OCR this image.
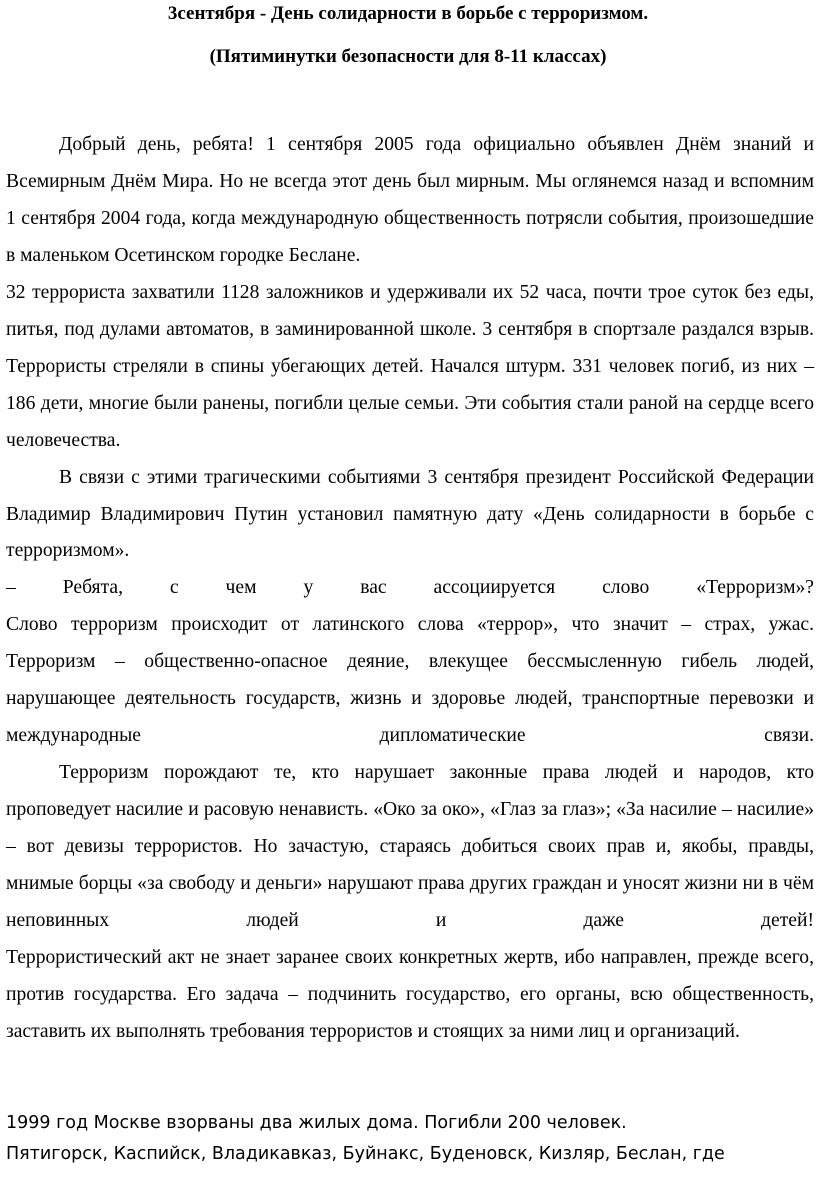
3сентября - День солидарности в борьбе с терроризмом.
(Пятиминутки безопасности для 8-11 классах)

Добрый день, ребята! 1 сентября 2005 года официально объявлен Днём знаний и Всемирным Днём Мира. Но не всегда этот день был мирным. Мы оглянемся назад и вспомним 1 сентября 2004 года, когда международную общественность потрясли события, произошедшие в маленьком Осетинском городке Беслане.

32 террориста захватили 1128 заложников и удерживали их 52 часа, почти трое суток без еды, питья, под дулами автоматов, в заминированной школе. 3 сентября в спортзале раздался взрыв. Террористы стреляли в спины убегающих детей. Начался штурм. 331 человек погиб, из них – 186 дети, многие были ранены, погибли целые семьи. Эти события стали раной на сердце всего человечества.

В связи с этими трагическими событиями 3 сентября президент Российской Федерации Владимир Владимирович Путин установил памятную дату «День солидарности в борьбе с терроризмом».

– Ребята, с чем у вас ассоциируется слово «Терроризм»?

Слово терроризм происходит от латинского слова «террор», что значит – страх, ужас. Терроризм – общественно-опасное деяние, влекущее бессмысленную гибель людей, нарушающее деятельность государств, жизнь и здоровье людей, транспортные перевозки и международные дипломатические связи.

Терроризм порождают те, кто нарушает законные права людей и народов, кто проповедует насилие и расовую ненависть. «Око за око», «Глаз за глаз»; «За насилие – насилие» – вот девизы террористов. Но зачастую, стараясь добиться своих прав и, якобы, правды, мнимые борцы «за свободу и деньги» нарушают права других граждан и уносят жизни ни в чём неповинных людей и даже детей!

Террористический акт не знает заранее своих конкретных жертв, ибо направлен, прежде всего, против государства. Его задача – подчинить государство, его органы, всю общественность, заставить их выполнять требования террористов и стоящих за ними лиц и организаций.

1999 год Москве взорваны два жилых дома. Погибли 200 человек.
Пятигорск, Каспийск, Владикавказ, Буйнакс, Буденовск, Кизляр, Беслан, где
